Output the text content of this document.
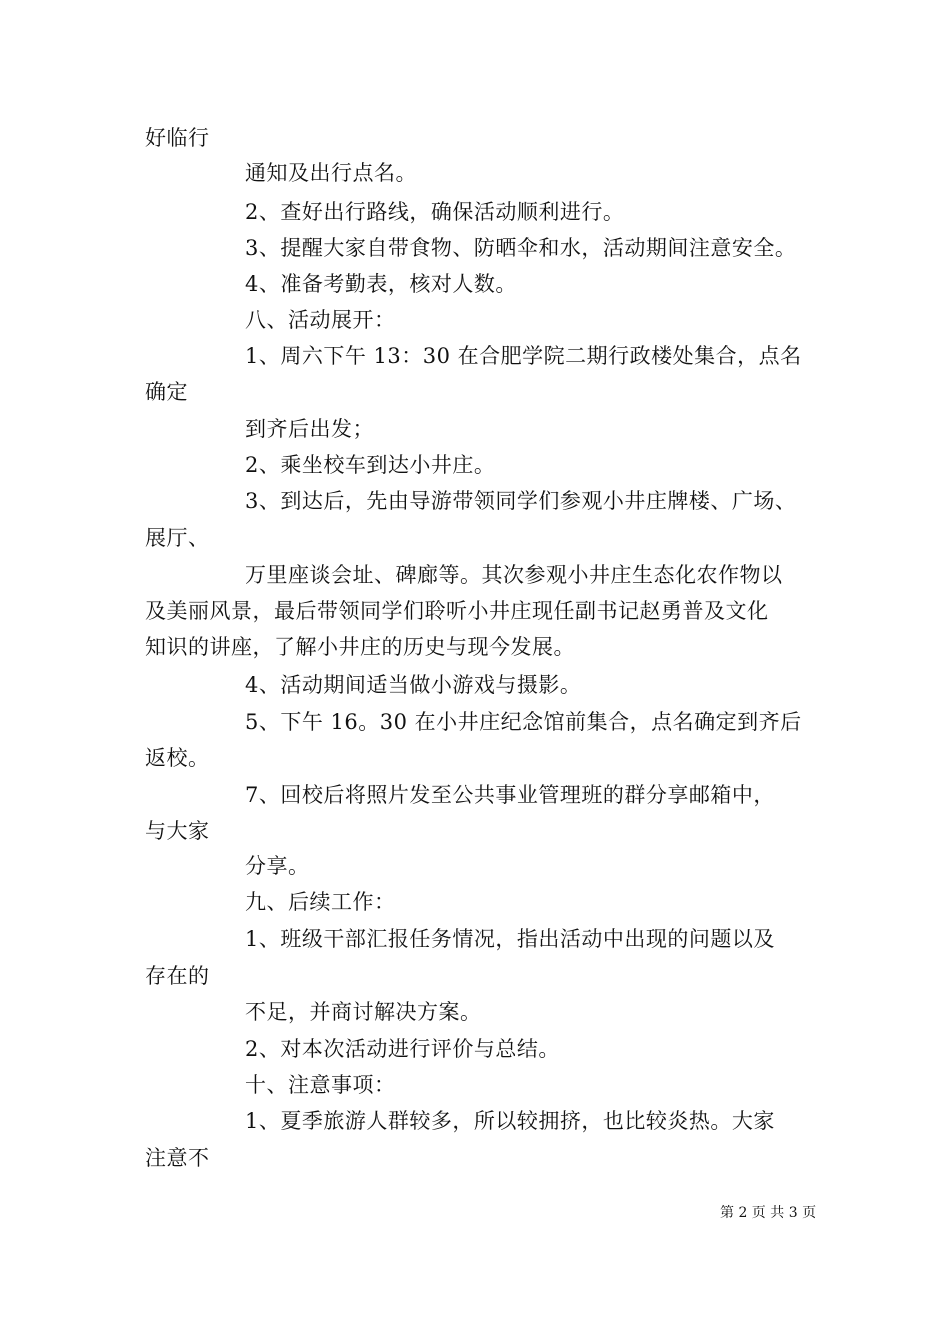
好临行
通知及出行点名。
2、查好出行路线，确保活动顺利进行。
3、提醒大家自带食物、防晒伞和水，活动期间注意安全。
4、准备考勤表，核对人数。
八、活动展开：
1、周六下午 13：30 在合肥学院二期行政楼处集合，点名
确定
到齐后出发；
2、乘坐校车到达小井庄。
3、到达后，先由导游带领同学们参观小井庄牌楼、广场、
展厅、
万里座谈会址、碑廊等。其次参观小井庄生态化农作物以
及美丽风景，最后带领同学们聆听小井庄现任副书记赵勇普及文化
知识的讲座，了解小井庄的历史与现今发展。
4、活动期间适当做小游戏与摄影。
5、下午 16。30 在小井庄纪念馆前集合，点名确定到齐后
返校。
7、回校后将照片发至公共事业管理班的群分享邮箱中，
与大家
分享。
九、后续工作：
1、班级干部汇报任务情况，指出活动中出现的问题以及
存在的
不足，并商讨解决方案。
2、对本次活动进行评价与总结。
十、注意事项：
1、夏季旅游人群较多，所以较拥挤，也比较炎热。大家
注意不
第 2 页 共 3 页
